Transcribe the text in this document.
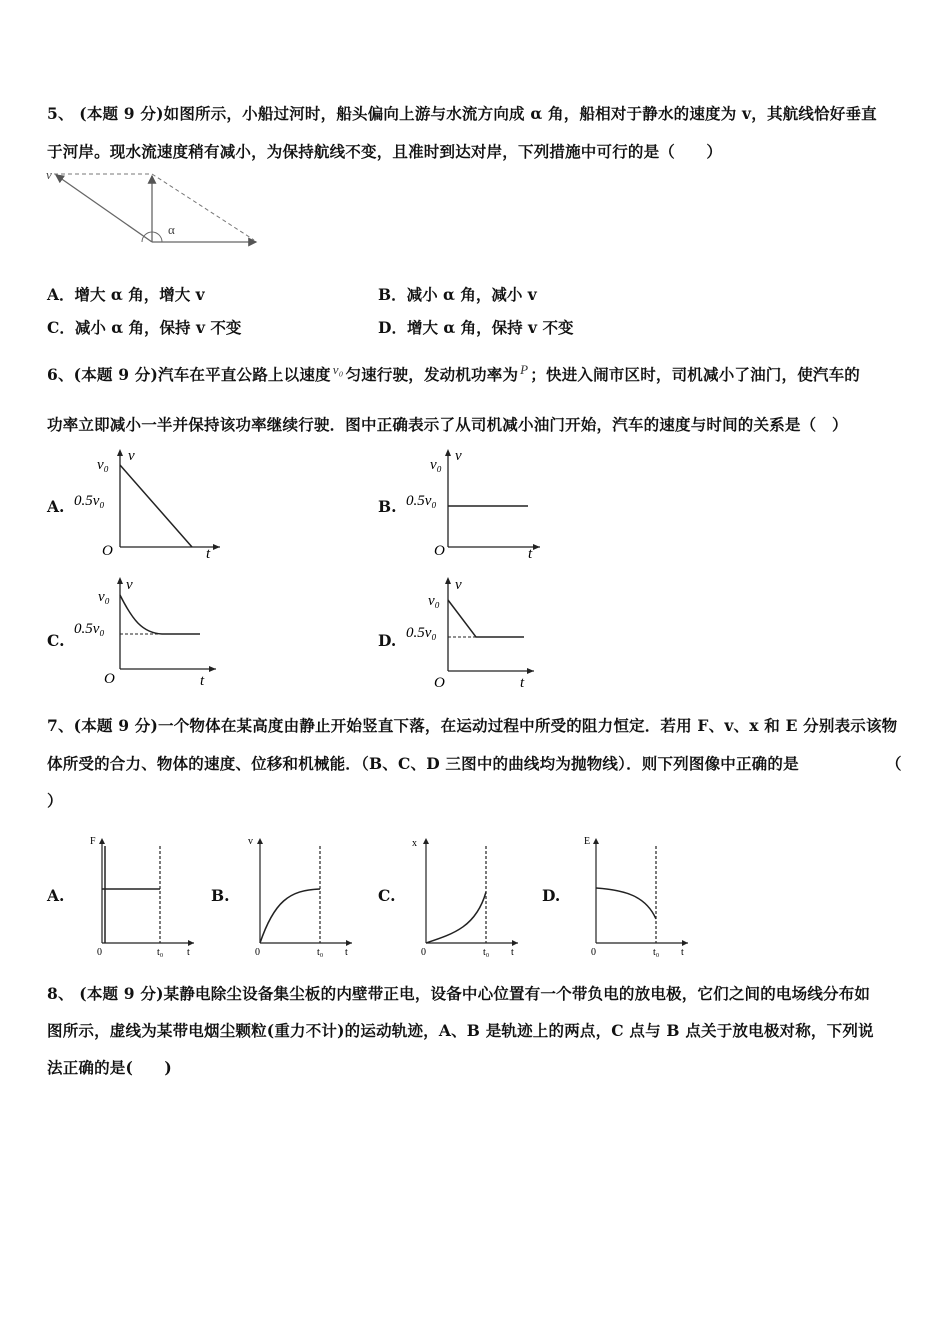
5、 (本题 9 分)如图所示，小船过河时，船头偏向上游与水流方向成 α 角，船相对于静水的速度为 v，其航线恰好垂直
于河岸。现水流速度稍有减小，为保持航线不变，且准时到达对岸，下列措施中可行的是（　　）
v
α
A．增大 α 角，增大 v	B．减小 α 角，减小 v
C．减小 α 角，保持 v 不变	D．增大 α 角，保持 v 不变
6、(本题 9 分)汽车在平直公路上以速度 $^{v_0}$ 匀速行驶，发动机功率为 $^P$ ；快进入闹市区时，司机减小了油门，使汽车的
功率立即减小一半并保持该功率继续行驶．图中正确表示了从司机减小油门开始，汽车的速度与时间的关系是（　）
A.
v
v₀
0.5v₀
O	t
B.
v
v₀
0.5v₀
O	t
C.
v
v₀
0.5v₀
O	t
D.
v
v₀
0.5v₀
O	t
7、(本题 9 分)一个物体在某高度由静止开始竖直下落，在运动过程中所受的阻力恒定．若用 F、v、x 和 E 分别表示该物
体所受的合力、物体的速度、位移和机械能．（B、C、D 三图中的曲线均为抛物线）．则下列图像中正确的是	（
）
A.
F
0	t₀ t
B.
v
0	t₀ t
C.
x
0	t₀ t
D.
E
0	t₀ t
8、 (本题 9 分)某静电除尘设备集尘板的内壁带正电，设备中心位置有一个带负电的放电极，它们之间的电场线分布如
图所示，虚线为某带电烟尘颗粒(重力不计)的运动轨迹，A、B 是轨迹上的两点，C 点与 B 点关于放电极对称，下列说
法正确的是(　　)
